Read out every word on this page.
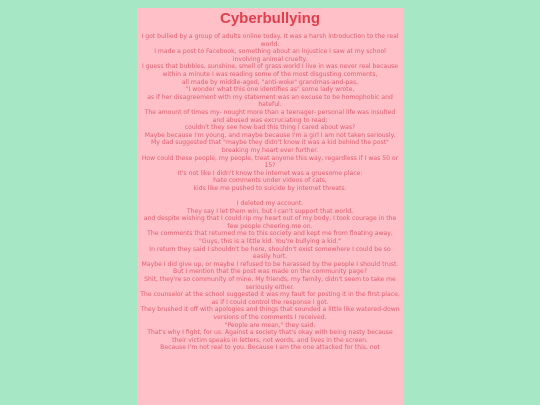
Cyberbullying

I got bullied by a group of adults online today. It was a harsh introduction to the real world.

I made a post to Facebook, something about an injustice I saw at my school involving animal cruelty.

I guess that bubbles, sunshine, smell of grass world I live in was never real because within a minute I was reading some of the most disgusting comments,

all made by middle-aged, "anti-woke" grandmas-and-pas,

"I wonder what this one identifies as" some lady wrote,

as if her disagreement with my statement was an excuse to be homophobic and hateful.

The amount of times my- nought more than a teenager- personal life was insulted and abused was excruciating to read;

couldn't they see how bad this thing I cared about was?

Maybe because I'm young, and maybe because I'm a girl I am not taken seriously.

My dad suggested that "maybe they didn't know it was a kid behind the post" breaking my heart ever further.

How could these people, my people, treat anyone this way, regardless if I was 50 or 15?

It's not like I didn't know the internet was a gruesome place:

hate comments under videos of cats,

kids like me pushed to suicide by internet threats.

I deleted my account.

They say I let them win, but I can't support that world,

and despite wishing that I could rip my heart out of my body, I took courage in the few people cheering me on.

The comments that returned me to this society and kept me from floating away,

"Guys, this is a little kid. You're bullying a kid."

In return they said I shouldn't be here, shouldn't exist somewhere I could be so easily hurt.

Maybe I did give up, or maybe I refused to be harassed by the people I should trust.

But I mention that the post was made on the community page?

Shit, they're so community of mine. My friends, my family, didn't seem to take me seriously either.

The counselor at the school suggested it was my fault for posting it in the first place, as if I could control the response I got.

They brushed it off with apologies and things that sounded a little like watered-down versions of the comments I received.

"People are mean," they said.

That's why I fight, for us. Against a society that's okay with being nasty because their victim speaks in letters, not words, and lives in the screen.

Because I'm not real to you. Because I am the one attacked for this, not
